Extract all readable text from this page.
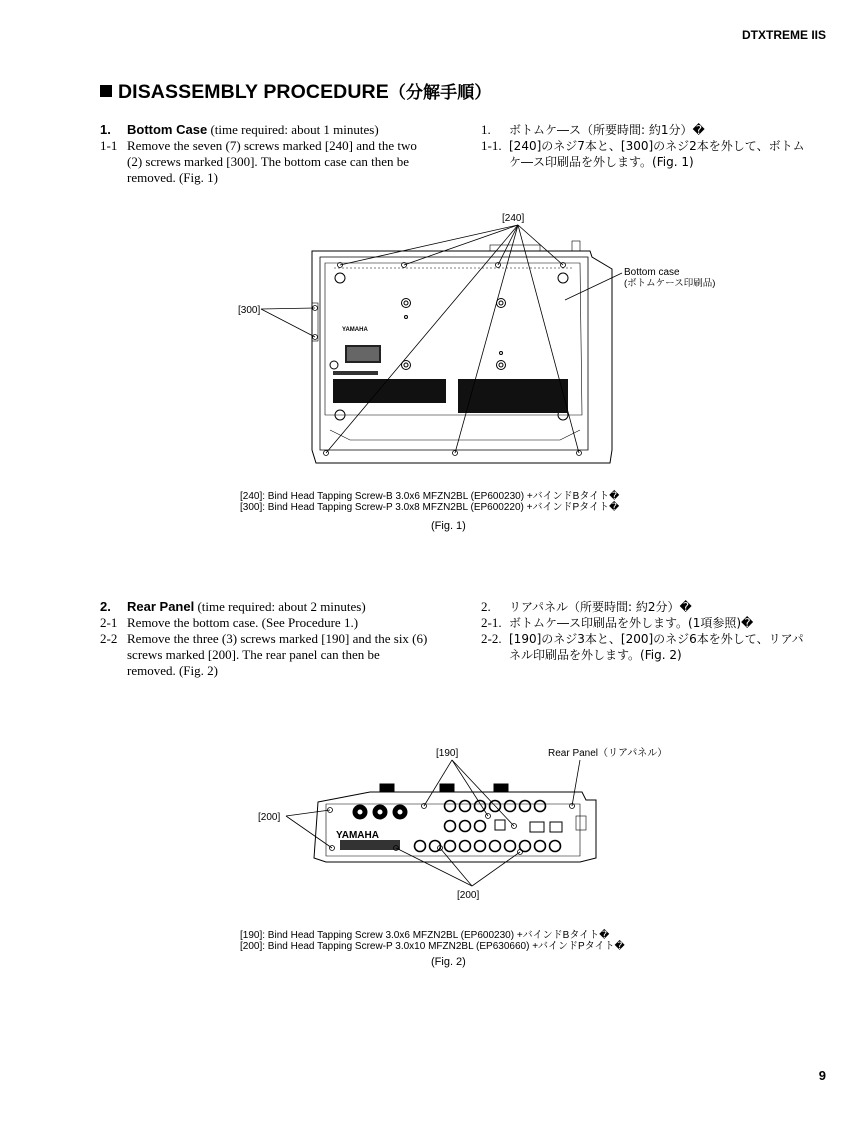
DTXTREME IIS
DISASSEMBLY PROCEDURE（分解手順）
1.	Bottom Case (time required: about 1 minutes)
1-1 Remove the seven (7) screws marked [240] and the two (2) screws marked [300]. The bottom case can then be removed. (Fig. 1)
1.	ボトムケ―ス（所要時間: 約1分）�
1-1. [240]のネジ7本と、[300]のネジ2本を外して、ボトムケ―ス印刷品を外します。(Fig. 1)
[240]
[300]
Bottom case
(ボトムケース印刷品)
YAMAHA
[240]: Bind Head Tapping Screw-B 3.0x6 MFZN2BL (EP600230) +バインドBタイト�
[300]: Bind Head Tapping Screw-P 3.0x8 MFZN2BL (EP600220) +バインドPタイト�
(Fig. 1)
2.	Rear Panel (time required: about 2 minutes)
2-1 Remove the bottom case. (See Procedure 1.)
2-2 Remove the three (3) screws marked [190] and the six (6) screws marked [200]. The rear panel can then be removed. (Fig. 2)
2.	リアパネル（所要時間: 約2分）�
2-1. ボトムケ―ス印刷品を外します。(1項参照)�
2-2. [190]のネジ3本と、[200]のネジ6本を外して、リアパネル印刷品を外します。(Fig. 2)
[190]	Rear Panel（リアパネル）
[200]
[200]
YAMAHA
[190]: Bind Head Tapping Screw 3.0x6 MFZN2BL (EP600230) +バインドBタイト�
[200]: Bind Head Tapping Screw-P 3.0x10 MFZN2BL (EP630660) +バインドPタイト�
(Fig. 2)
9
